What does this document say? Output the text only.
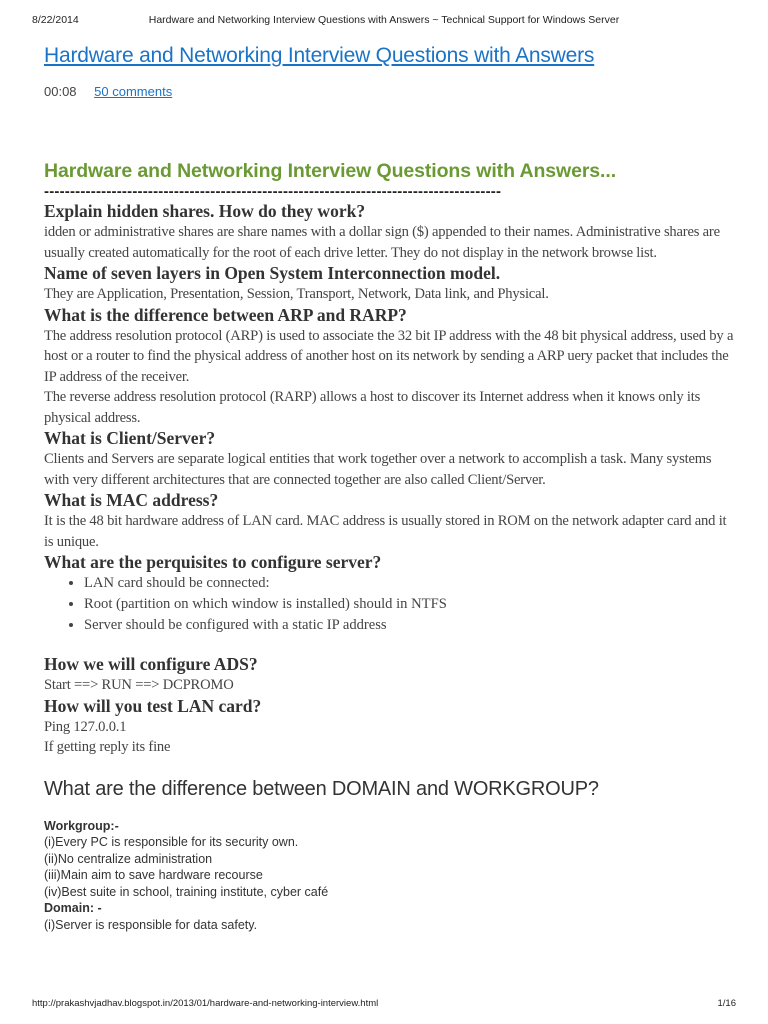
8/22/2014	Hardware and Networking Interview Questions with Answers ~ Technical Support for Windows Server
Hardware and Networking Interview Questions with Answers
00:08 50 comments
Hardware and Networking Interview Questions with Answers...
----------------------------------------------------------------------------------------

Explain hidden shares. How do they work?

idden or administrative shares are share names with a dollar sign ($) appended to their names. Administrative shares are usually created automatically for the root of each drive letter. They do not display in the network browse list.

Name of seven layers in Open System Interconnection model.

They are Application, Presentation, Session, Transport, Network, Data link, and Physical.

What is the difference between ARP and RARP?

The address resolution protocol (ARP) is used to associate the 32 bit IP address with the 48 bit physical address, used by a host or a router to find the physical address of another host on its network by sending a ARP uery packet that includes the IP address of the receiver.

The reverse address resolution protocol (RARP) allows a host to discover its Internet address when it knows only its physical address.

What is Client/Server?

Clients and Servers are separate logical entities that work together over a network to accomplish a task. Many systems with very different architectures that are connected together are also called Client/Server.

What is MAC address?

It is the 48 bit hardware address of LAN card. MAC address is usually stored in ROM on the network adapter card and it is unique.

What are the perquisites to configure server?

• LAN card should be connected:
• Root (partition on which window is installed) should in NTFS
• Server should be configured with a static IP address

How we will configure ADS?

Start ==> RUN ==> DCPROMO

How will you test LAN card?

Ping 127.0.0.1

If getting reply its fine

What are the difference between DOMAIN and WORKGROUP?
Workgroup:-
(i)Every PC is responsible for its security own.
(ii)No centralize administration
(iii)Main aim to save hardware recourse
(iv)Best suite in school, training institute, cyber café
Domain: -
(i)Server is responsible for data safety.
http://prakashvjadhav.blogspot.in/2013/01/hardware-and-networking-interview.html	1/16
